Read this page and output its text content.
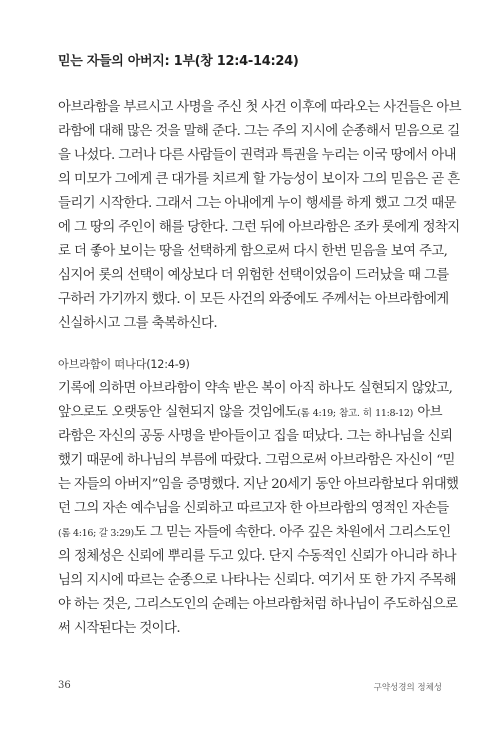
믿는 자들의 아버지: 1부(창 12:4-14:24)
아브라함을 부르시고 사명을 주신 첫 사건 이후에 따라오는 사건들은 아브
라함에 대해 많은 것을 말해 준다. 그는 주의 지시에 순종해서 믿음으로 길
을 나섰다. 그러나 다른 사람들이 권력과 특권을 누리는 이국 땅에서 아내
의 미모가 그에게 큰 대가를 치르게 할 가능성이 보이자 그의 믿음은 곧 흔
들리기 시작한다. 그래서 그는 아내에게 누이 행세를 하게 했고 그것 때문
에 그 땅의 주인이 해를 당한다. 그런 뒤에 아브라함은 조카 롯에게 정착지
로 더 좋아 보이는 땅을 선택하게 함으로써 다시 한번 믿음을 보여 주고,
심지어 롯의 선택이 예상보다 더 위험한 선택이었음이 드러났을 때 그를
구하러 가기까지 했다. 이 모든 사건의 와중에도 주께서는 아브라함에게
신실하시고 그를 축복하신다.
아브라함이 떠나다(12:4-9)
기록에 의하면 아브라함이 약속 받은 복이 아직 하나도 실현되지 않았고,
앞으로도 오랫동안 실현되지 않을 것임에도(롬 4:19; 참고. 히 11:8-12) 아브
라함은 자신의 공동 사명을 받아들이고 집을 떠났다. 그는 하나님을 신뢰
했기 때문에 하나님의 부름에 따랐다. 그럼으로써 아브라함은 자신이 “믿
는 자들의 아버지”임을 증명했다. 지난 20세기 동안 아브라함보다 위대했
던 그의 자손 예수님을 신뢰하고 따르고자 한 아브라함의 영적인 자손들
(롬 4:16; 갈 3:29)도 그 믿는 자들에 속한다. 아주 깊은 차원에서 그리스도인
의 정체성은 신뢰에 뿌리를 두고 있다. 단지 수동적인 신뢰가 아니라 하나
님의 지시에 따르는 순종으로 나타나는 신뢰다. 여기서 또 한 가지 주목해
야 하는 것은, 그리스도인의 순례는 아브라함처럼 하나님이 주도하심으로
써 시작된다는 것이다.
36	구약성경의 정체성
